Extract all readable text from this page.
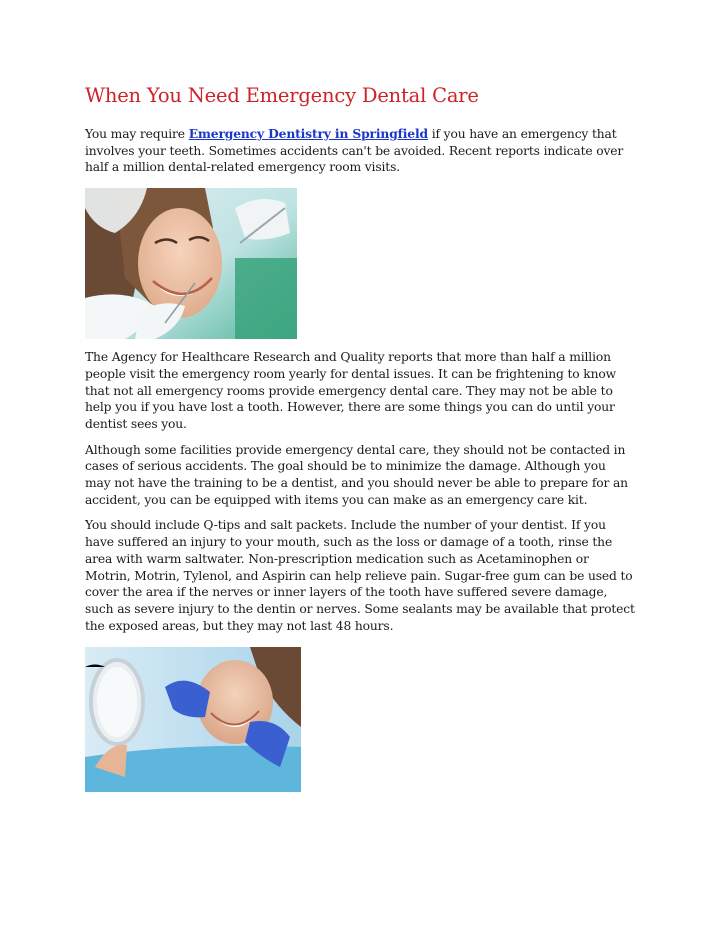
When You Need Emergency Dental Care

You may require Emergency Dentistry in Springfield if you have an emergency that involves your teeth. Sometimes accidents can't be avoided. Recent reports indicate over half a million dental-related emergency room visits.

The Agency for Healthcare Research and Quality reports that more than half a million people visit the emergency room yearly for dental issues. It can be frightening to know that not all emergency rooms provide emergency dental care. They may not be able to help you if you have lost a tooth. However, there are some things you can do until your dentist sees you.

Although some facilities provide emergency dental care, they should not be contacted in cases of serious accidents. The goal should be to minimize the damage. Although you may not have the training to be a dentist, and you should never be able to prepare for an accident, you can be equipped with items you can make as an emergency care kit.

You should include Q-tips and salt packets. Include the number of your dentist. If you have suffered an injury to your mouth, such as the loss or damage of a tooth, rinse the area with warm saltwater. Non-prescription medication such as Acetaminophen or Motrin, Motrin, Tylenol, and Aspirin can help relieve pain. Sugar-free gum can be used to cover the area if the nerves or inner layers of the tooth have suffered severe damage, such as severe injury to the dentin or nerves. Some sealants may be available that protect the exposed areas, but they may not last 48 hours.
